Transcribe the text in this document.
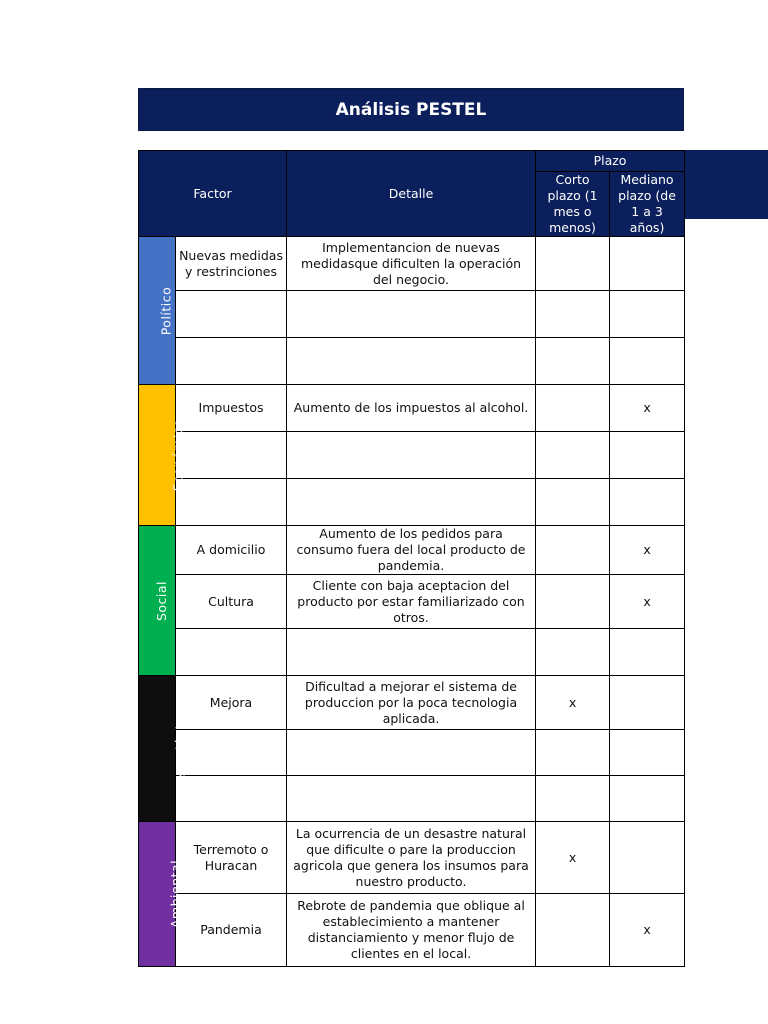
Análisis PESTEL
Factor		Detalle	Plazo	
			Corto plazo (1 mes o menos)	Mediano plazo (de 1 a 3 años)
Político	Nuevas medidas y restrinciones	Implementancion de nuevas medidasque dificulten la operación del negocio.		

Económico	Impuestos	Aumento de los impuestos al alcohol.		x

Social	A domicilio	Aumento de los pedidos para consumo fuera del local producto de pandemia.		x
	Cultura	Cliente con baja aceptacion del producto por estar familiarizado con otros.		x

Tecnológico	Mejora	Dificultad a mejorar el sistema de produccion por la poca tecnologia aplicada.	x	

Ambiental	Terremoto o Huracan	La ocurrencia de un desastre natural que dificulte o pare la produccion agricola que genera los insumos para nuestro producto.	x	
	Pandemia	Rebrote de pandemia que oblique al establecimiento a mantener distanciamiento y menor flujo de clientes en el local.		x
